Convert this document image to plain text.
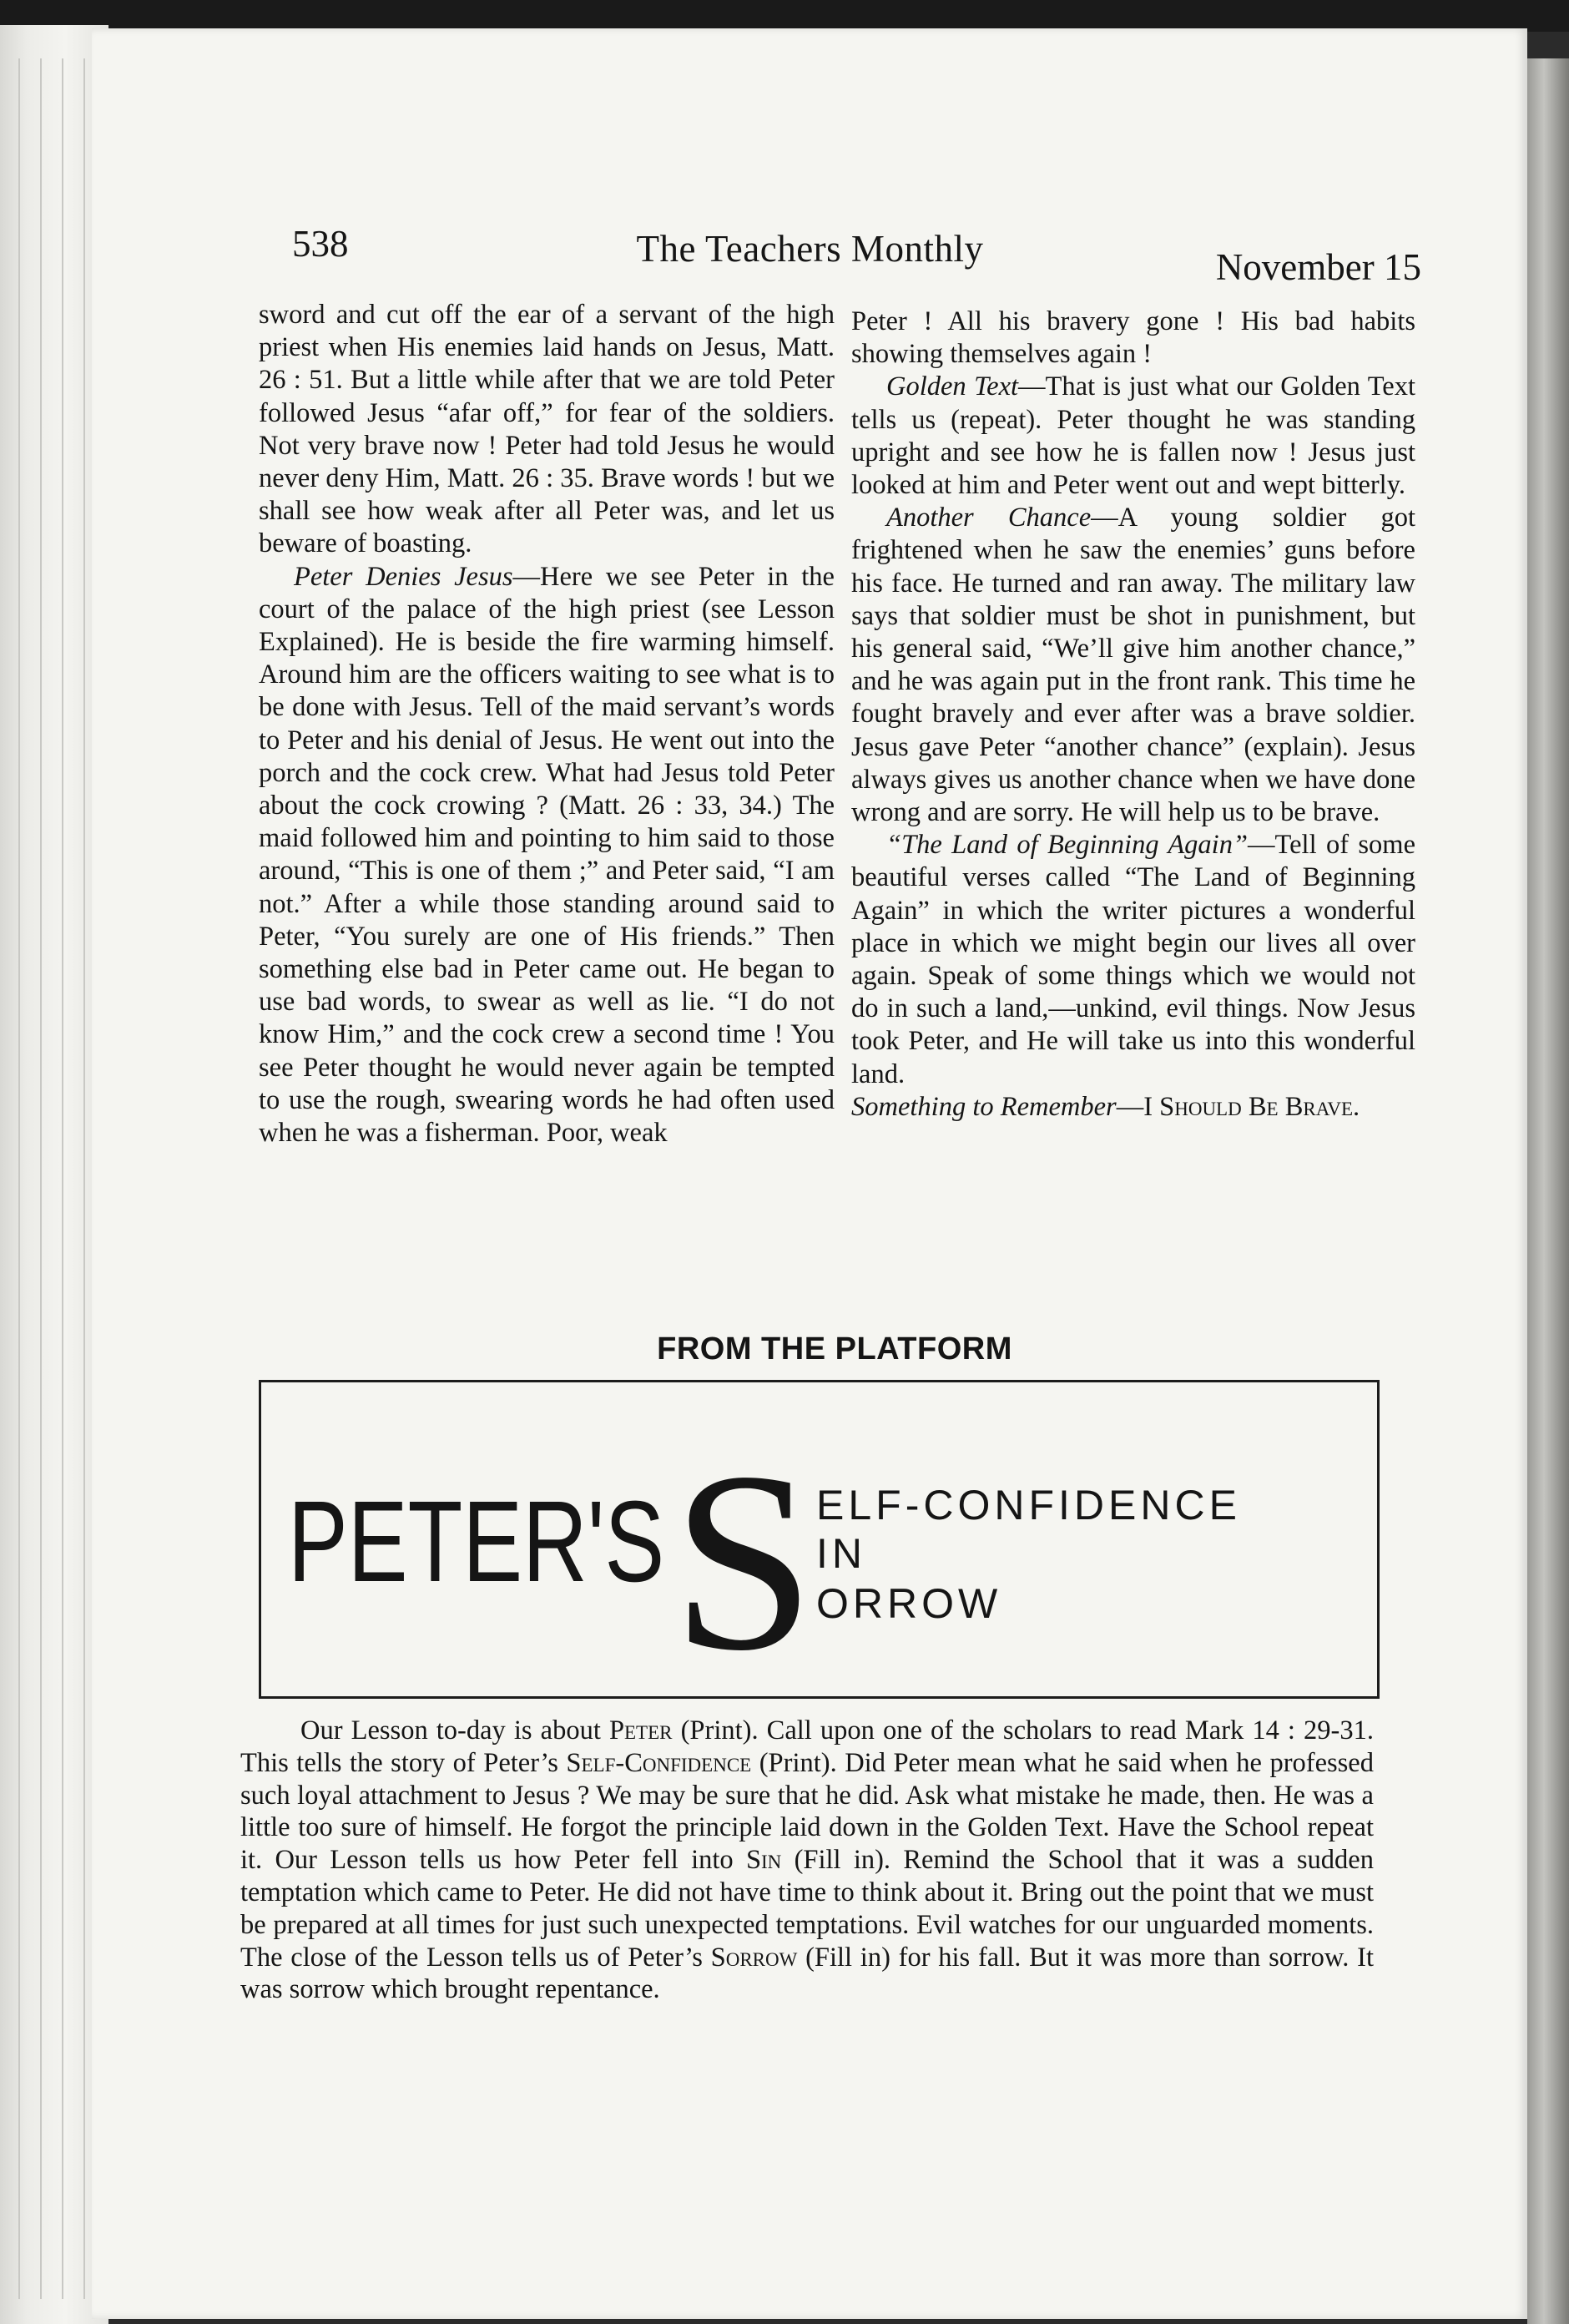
538	The Teachers Monthly	November 15

sword and cut off the ear of a servant of the high priest when His enemies laid hands on Jesus, Matt. 26 : 51. But a little while after that we are told Peter followed Jesus “afar off,” for fear of the soldiers. Not very brave now ! Peter had told Jesus he would never deny Him, Matt. 26 : 35. Brave words ! but we shall see how weak after all Peter was, and let us beware of boasting.

Peter Denies Jesus—Here we see Peter in the court of the palace of the high priest (see Lesson Explained). He is beside the fire warming himself. Around him are the officers waiting to see what is to be done with Jesus. Tell of the maid servant’s words to Peter and his denial of Jesus. He went out into the porch and the cock crew. What had Jesus told Peter about the cock crowing ? (Matt. 26 : 33, 34.) The maid followed him and pointing to him said to those around, “This is one of them ;” and Peter said, “I am not.” After a while those standing around said to Peter, “You surely are one of His friends.” Then something else bad in Peter came out. He began to use bad words, to swear as well as lie. “I do not know Him,” and the cock crew a second time ! You see Peter thought he would never again be tempted to use the rough, swearing words he had often used when he was a fisherman. Poor, weak

Peter ! All his bravery gone ! His bad habits showing themselves again !

Golden Text—That is just what our Golden Text tells us (repeat). Peter thought he was standing upright and see how he is fallen now ! Jesus just looked at him and Peter went out and wept bitterly.

Another Chance—A young soldier got frightened when he saw the enemies’ guns before his face. He turned and ran away. The military law says that soldier must be shot in punishment, but his general said, “We’ll give him another chance,” and he was again put in the front rank. This time he fought bravely and ever after was a brave soldier. Jesus gave Peter “another chance” (explain). Jesus always gives us another chance when we have done wrong and are sorry. He will help us to be brave.

“The Land of Beginning Again”—Tell of some beautiful verses called “The Land of Beginning Again” in which the writer pictures a wonderful place in which we might begin our lives all over again. Speak of some things which we would not do in such a land,—unkind, evil things. Now Jesus took Peter, and He will take us into this wonderful land.

Something to Remember—I Should Be Brave.

FROM THE PLATFORM
PETER'S S ELF-CONFIDENCE
IN
ORROW

Our Lesson to-day is about Peter (Print). Call upon one of the scholars to read Mark 14 : 29-31. This tells the story of Peter’s Self-Confidence (Print). Did Peter mean what he said when he professed such loyal attachment to Jesus ? We may be sure that he did. Ask what mistake he made, then. He was a little too sure of himself. He forgot the principle laid down in the Golden Text. Have the School repeat it. Our Lesson tells us how Peter fell into Sin (Fill in). Remind the School that it was a sudden temptation which came to Peter. He did not have time to think about it. Bring out the point that we must be prepared at all times for just such unexpected temptations. Evil watches for our unguarded moments. The close of the Lesson tells us of Peter’s Sorrow (Fill in) for his fall. But it was more than sorrow. It was sorrow which brought repentance.
